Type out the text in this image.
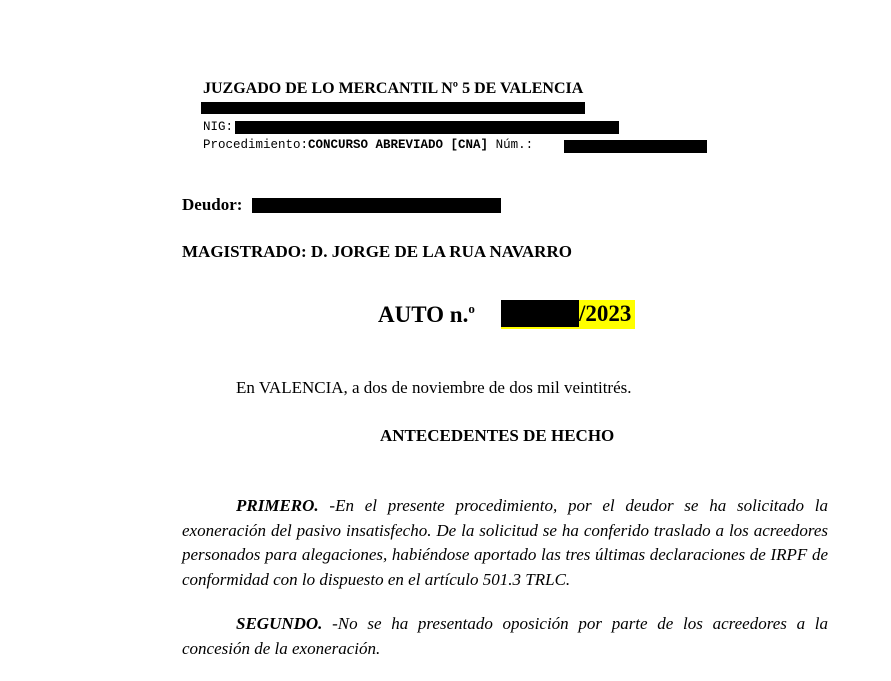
JUZGADO DE LO MERCANTIL Nº 5 DE VALENCIA
NIG:
Procedimiento:CONCURSO ABREVIADO [CNA] Núm.:
Deudor:
MAGISTRADO: D. JORGE DE LA RUA NAVARRO
AUTO n.$^o$	/2023
En VALENCIA, a dos de noviembre de dos mil veintitrés.
ANTECEDENTES DE HECHO
PRIMERO. -En el presente procedimiento, por el deudor se ha solicitado la exoneración del pasivo insatisfecho. De la solicitud se ha conferido traslado a los acreedores personados para alegaciones, habiéndose aportado las tres últimas declaraciones de IRPF de conformidad con lo dispuesto en el artículo 501.3 TRLC.
SEGUNDO. -No se ha presentado oposición por parte de los acreedores a la concesión de la exoneración.
